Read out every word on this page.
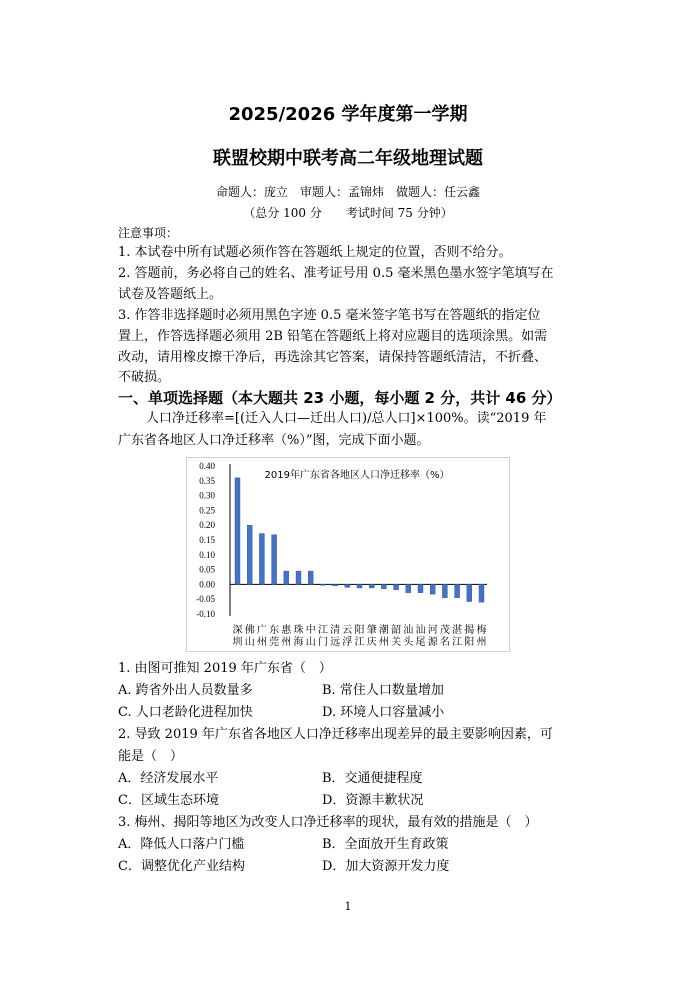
2025/2026 学年度第一学期
联盟校期中联考高二年级地理试题
命题人：庞立　审题人：孟锦炜　做题人：任云鑫
（总分 100 分　　考试时间 75 分钟）
注意事项：
1. 本试卷中所有试题必须作答在答题纸上规定的位置，否则不给分。
2. 答题前，务必将自己的姓名、准考证号用 0.5 毫米黑色墨水签字笔填写在
试卷及答题纸上。
3. 作答非选择题时必须用黑色字迹 0.5 毫米签字笔书写在答题纸的指定位
置上，作答选择题必须用 2B 铅笔在答题纸上将对应题目的选项涂黑。如需
改动，请用橡皮擦干净后，再选涂其它答案，请保持答题纸清洁，不折叠、
不破损。
一、单项选择题（本大题共 23 小题，每小题 2 分，共计 46 分）
人口净迁移率=[(迁入人口—迁出人口)/总人口]×100%。读“2019 年
广东省各地区人口净迁移率（%）”图，完成下面小题。
0.40
0.35
0.30
0.25
0.20
0.15
0.10
0.05
0.00
-0.05
-0.10
2019年广东省各地区人口净迁移率（%）
深
圳
佛
山
广
州
东
莞
惠
州
珠
海
中
山
江
门
清
远
云
浮
阳
江
肇
庆
潮
州
韶
关
汕
头
汕
尾
河
源
茂
名
湛
江
揭
阳
梅
州
1. 由图可推知 2019 年广东省（　）
A. 跨省外出人员数量多	B. 常住人口数量增加
C. 人口老龄化进程加快	D. 环境人口容量减小
2. 导致 2019 年广东省各地区人口净迁移率出现差异的最主要影响因素，可
能是（　）
A．经济发展水平	B．交通便捷程度
C．区域生态环境	D．资源丰歉状况
3. 梅州、揭阳等地区为改变人口净迁移率的现状，最有效的措施是（　）
A．降低人口落户门槛	B．全面放开生育政策
C．调整优化产业结构	D．加大资源开发力度
1
